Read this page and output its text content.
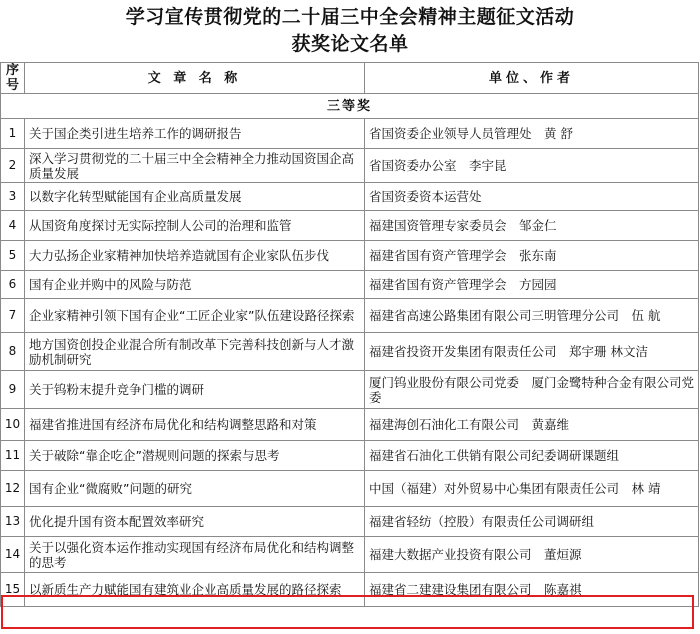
学习宣传贯彻党的二十届三中全会精神主题征文活动
获奖论文名单
序号	文 章 名 称	单位、作者
三等奖		
1	关于国企类引进生培养工作的调研报告	省国资委企业领导人员管理处　黄 舒
2	深入学习贯彻党的二十届三中全会精神全力推动国资国企高质量发展	省国资委办公室　李宇昆
3	以数字化转型赋能国有企业高质量发展	省国资委资本运营处
4	从国资角度探讨无实际控制人公司的治理和监管	福建国资管理专家委员会　邹金仁
5	大力弘扬企业家精神加快培养造就国有企业家队伍步伐	福建省国有资产管理学会　张东南
6	国有企业并购中的风险与防范	福建省国有资产管理学会　方园园
7	企业家精神引领下国有企业“工匠企业家”队伍建设路径探索	福建省高速公路集团有限公司三明管理分公司　伍 航
8	地方国资创投企业混合所有制改革下完善科技创新与人才激励机制研究	福建省投资开发集团有限责任公司　郑宇珊 林文洁
9	关于钨粉末提升竞争门槛的调研	厦门钨业股份有限公司党委　厦门金鹭特种合金有限公司党委
10	福建省推进国有经济布局优化和结构调整思路和对策	福建海创石油化工有限公司　黄嘉维
11	关于破除“靠企吃企”潜规则问题的探索与思考	福建省石油化工供销有限公司纪委调研课题组
12	国有企业“微腐败”问题的研究	中国（福建）对外贸易中心集团有限责任公司　林 靖
13	优化提升国有资本配置效率研究	福建省轻纺（控股）有限责任公司调研组
14	关于以强化资本运作推动实现国有经济布局优化和结构调整的思考	福建大数据产业投资有限公司　董烜源
15	以新质生产力赋能国有建筑业企业高质量发展的路径探索	福建省二建建设集团有限公司　陈嘉祺
